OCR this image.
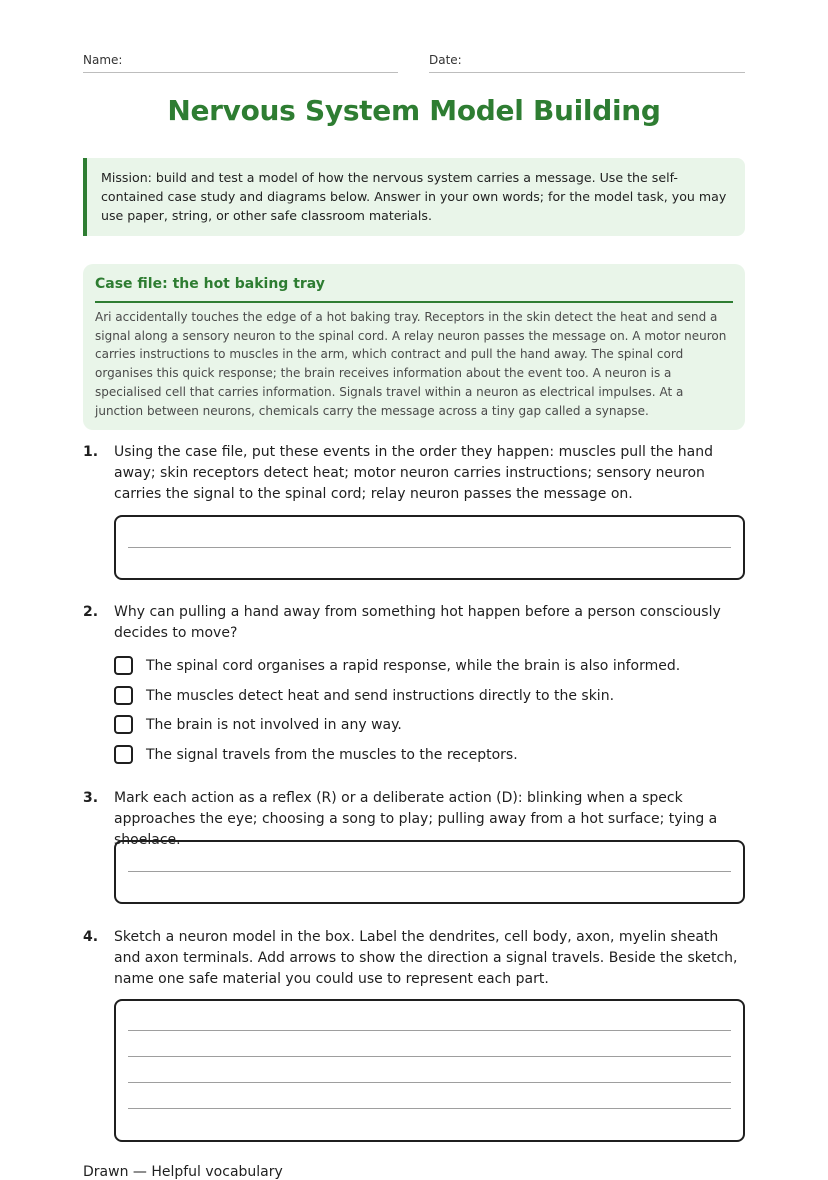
Name:	Date:
Nervous System Model Building
Mission: build and test a model of how the nervous system carries a message. Use the self-contained case study and diagrams below. Answer in your own words; for the model task, you may use paper, string, or other safe classroom materials.
Case file: the hot baking tray
Ari accidentally touches the edge of a hot baking tray. Receptors in the skin detect the heat and send a signal along a sensory neuron to the spinal cord. A relay neuron passes the message on. A motor neuron carries instructions to muscles in the arm, which contract and pull the hand away. The spinal cord organises this quick response; the brain receives information about the event too. A neuron is a specialised cell that carries information. Signals travel within a neuron as electrical impulses. At a junction between neurons, chemicals carry the message across a tiny gap called a synapse.
1.	Using the case file, put these events in the order they happen: muscles pull the hand away; skin receptors detect heat; motor neuron carries instructions; sensory neuron carries the signal to the spinal cord; relay neuron passes the message on.
2.	Why can pulling a hand away from something hot happen before a person consciously decides to move?
The spinal cord organises a rapid response, while the brain is also informed.
The muscles detect heat and send instructions directly to the skin.
The brain is not involved in any way.
The signal travels from the muscles to the receptors.
3.	Mark each action as a reflex (R) or a deliberate action (D): blinking when a speck approaches the eye; choosing a song to play; pulling away from a hot surface; tying a shoelace.
4.	Sketch a neuron model in the box. Label the dendrites, cell body, axon, myelin sheath and axon terminals. Add arrows to show the direction a signal travels. Beside the sketch, name one safe material you could use to represent each part.
Drawn — Helpful vocabulary
